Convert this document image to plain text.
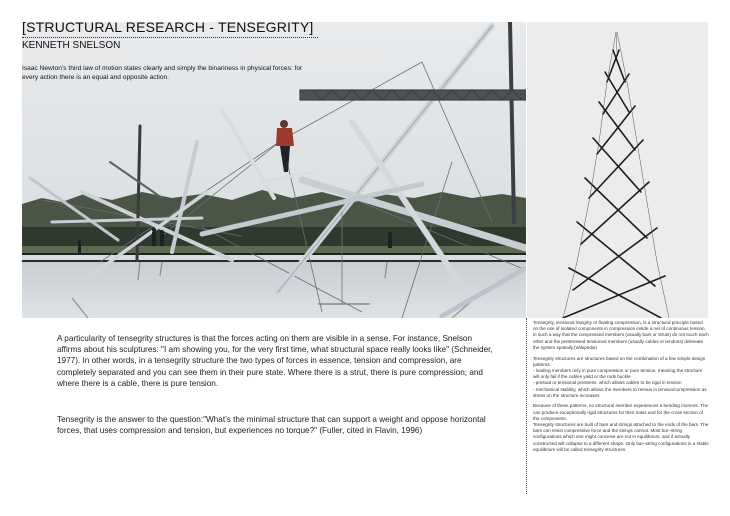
[STRUCTURAL RESEARCH - TENSEGRITY]
KENNETH SNELSON
Isaac Newton’s third law of motion states clearly and simply the binariness in physical forces: for every action there is an equal and opposite action.
A particularity of tensegrity structures is that the forces acting on them are visible in a sense. For instance, Snelson affirms about his sculptures: "I am showing you, for the very first time, what structural space really looks like" (Schneider, 1977). In other words, in a tensegrity structure the two types of forces in essence, tension and compression, are completely separated and you can see them in their pure state. Where there is a strut, there is pure compression; and where there is a cable, there is pure tension.
Tensegrity is the answer to the question:"What’s the minimal structure that can support a weight and oppose horizontal forces, that uses compression and tension, but experiences no torque?" (Fuller, cited in Flavin, 1996)

Tensegrity, tensional integrity or floating compression, is a structural principle based on the use of isolated components in compression inside a net of continuous tension, in such a way that the compressed members (usually bars or struts) do not touch each other and the prestressed tensioned members (usually cables or tendons) delineate the system spatially.(Wikipedia)

Tensegrity structures are structures based on the combination of a few simple design patterns:
- loading members only in pure compression or pure tension, meaning the structure will only fail if the cables yield or the rods buckle
- preload or tensional prestress, which allows cables to be rigid in tension
- mechanical stability, which allows the members to remain in tension/compression as stress on the structure increases

Because of these patterns, no structural member experiences a bending moment. The can produce exceptionally rigid structures for their mass and for the cross section of the components.
Tensegrity structures are built of bars and strings attached to the ends of the bars. The bars can resist compressive force and the strings cannot. Most bar–string configurations which one might conceive are not in equilibrium, and if actually constructed will collapse to a different shape. Only bar–string configurations in a stable equilibrium will be called tensegrity structures.
